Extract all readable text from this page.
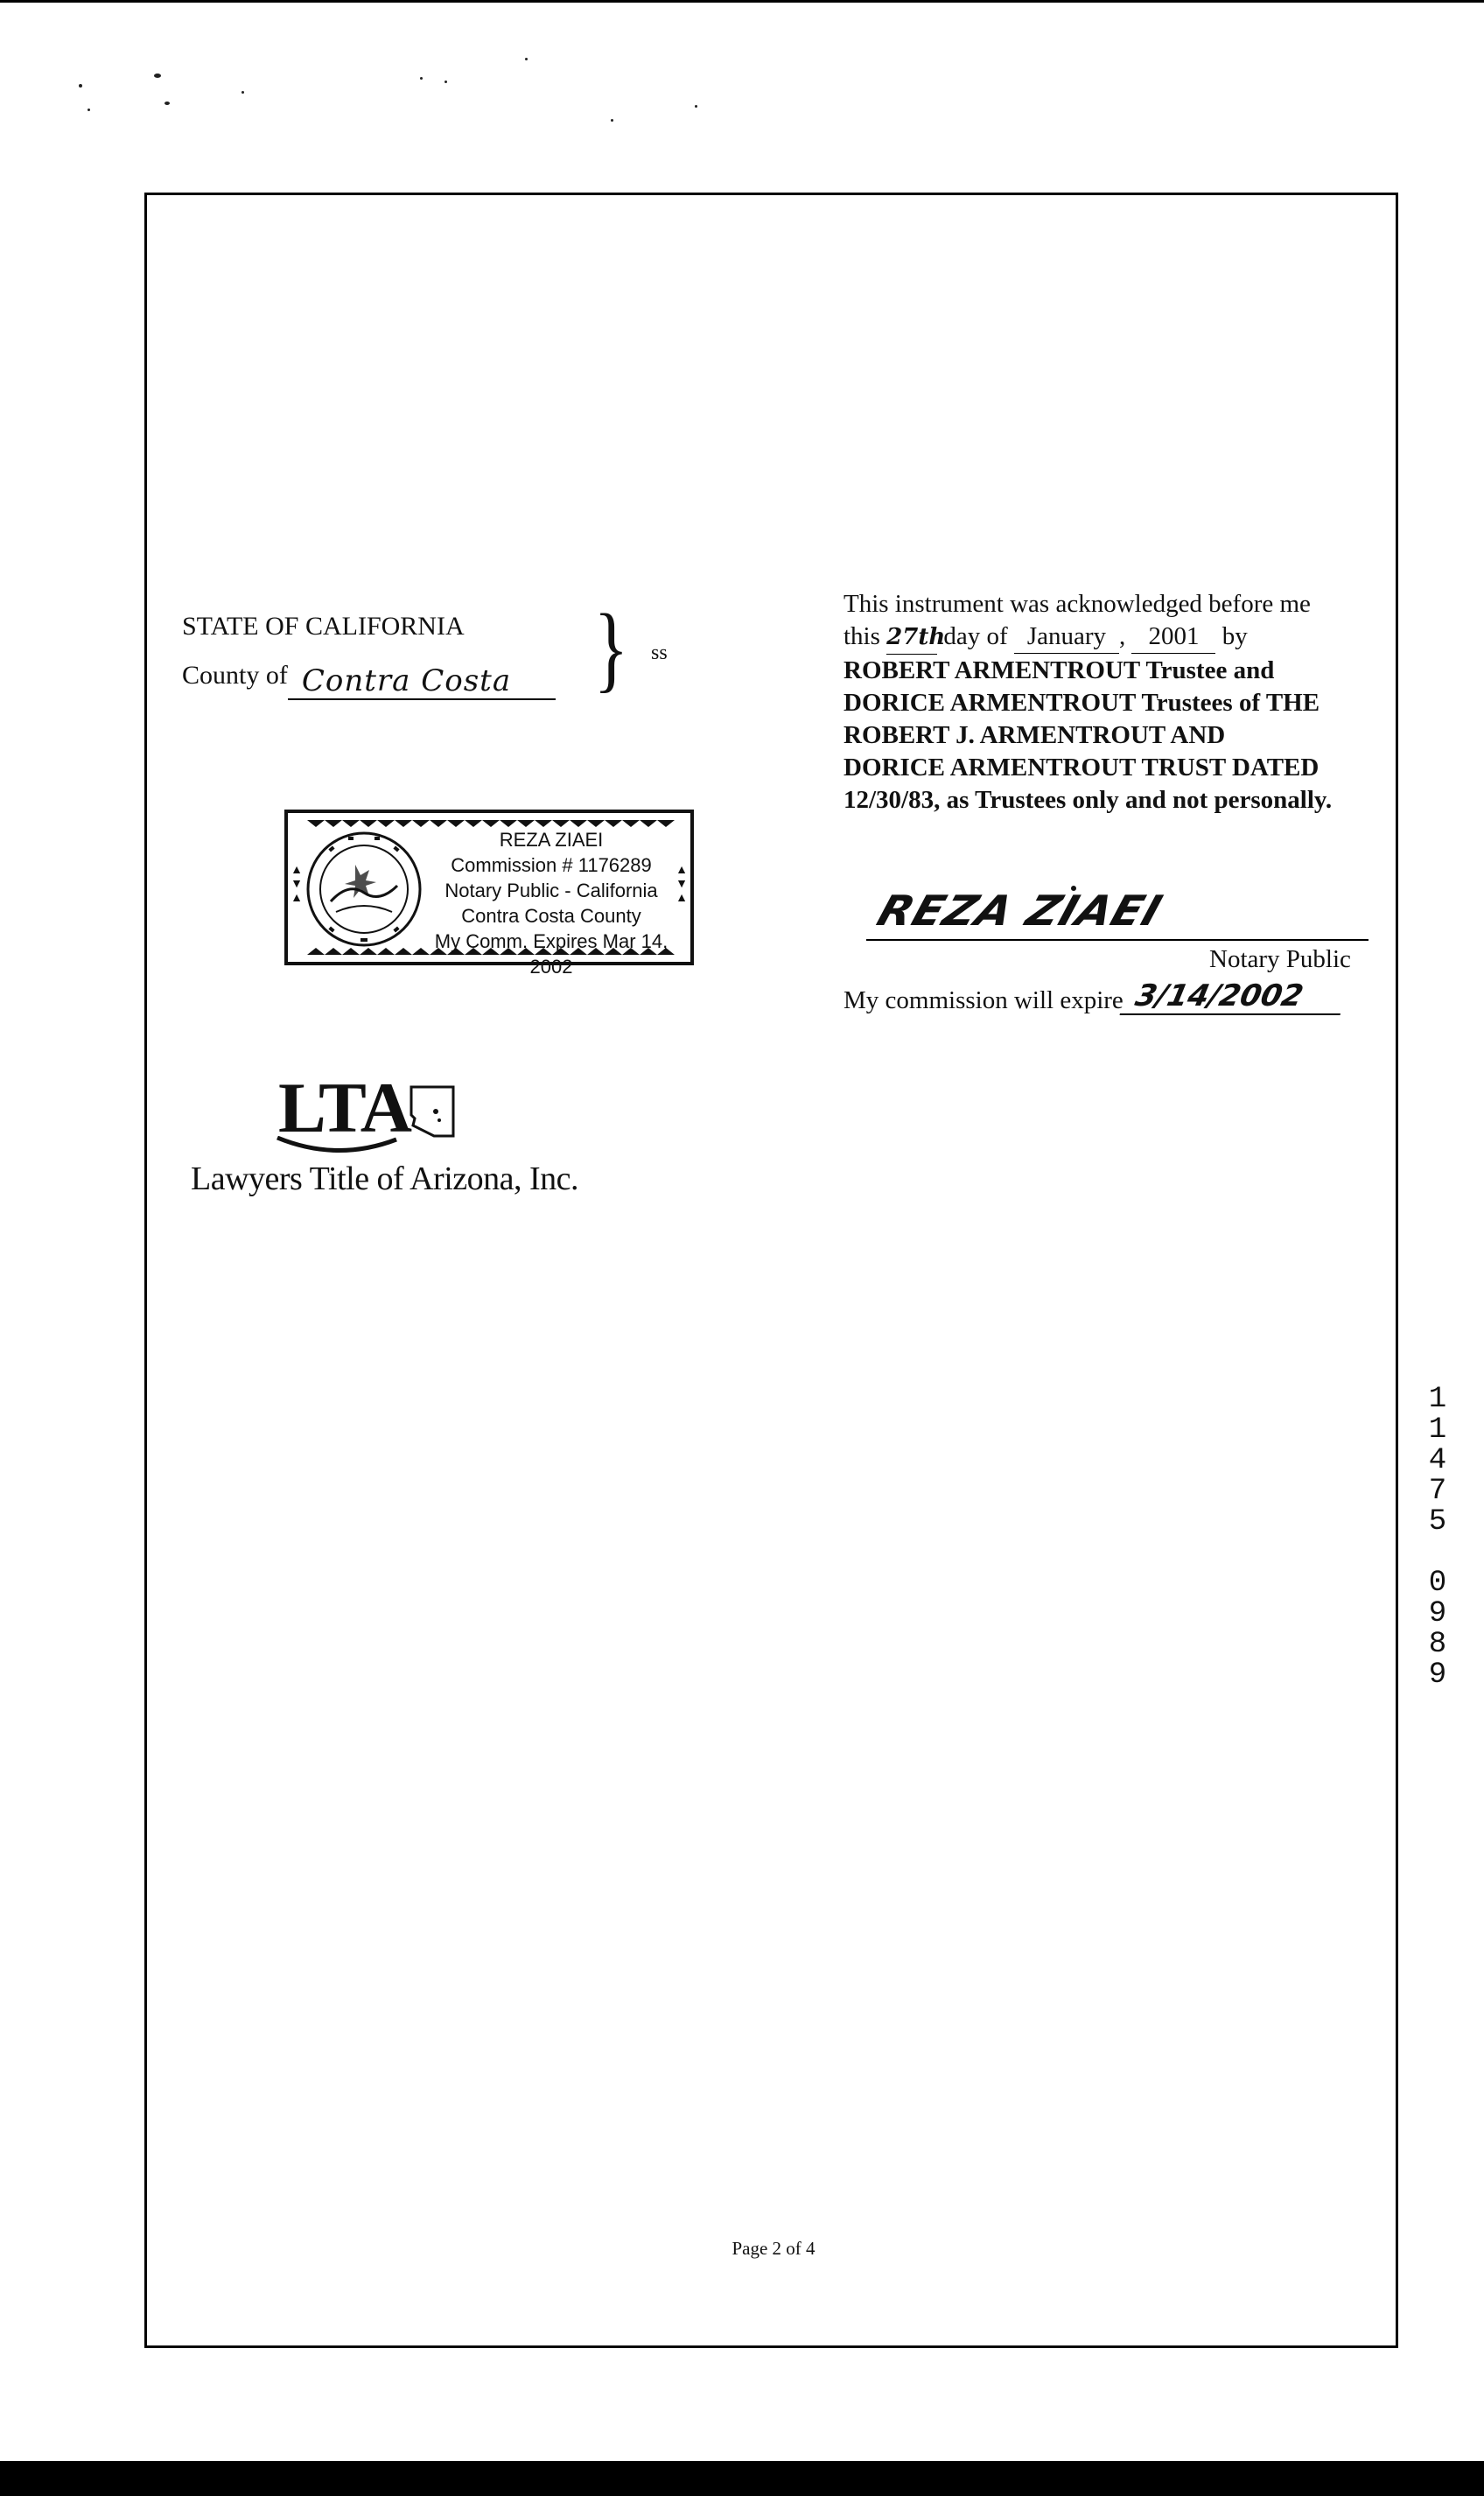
STATE OF CALIFORNIA
County of Contra Costa } ss
This instrument was acknowledged before me
this 27th day of January , 2001 by
ROBERT ARMENTROUT Trustee and
DORICE ARMENTROUT Trustees of THE
ROBERT J. ARMENTROUT AND
DORICE ARMENTROUT TRUST DATED
12/30/83, as Trustees only and not personally.
REZA ZIAEI
Notary Public
My commission will expire 3/14/2002
▲▼▲	▲▼▲
REZA ZIAEI
Commission # 1176289
Notary Public - California
Contra Costa County
My Comm. Expires Mar 14, 2002
LTA
Lawyers Title of Arizona, Inc.
Page 2 of 4
1
1
4
7
5
0
9
8
9
